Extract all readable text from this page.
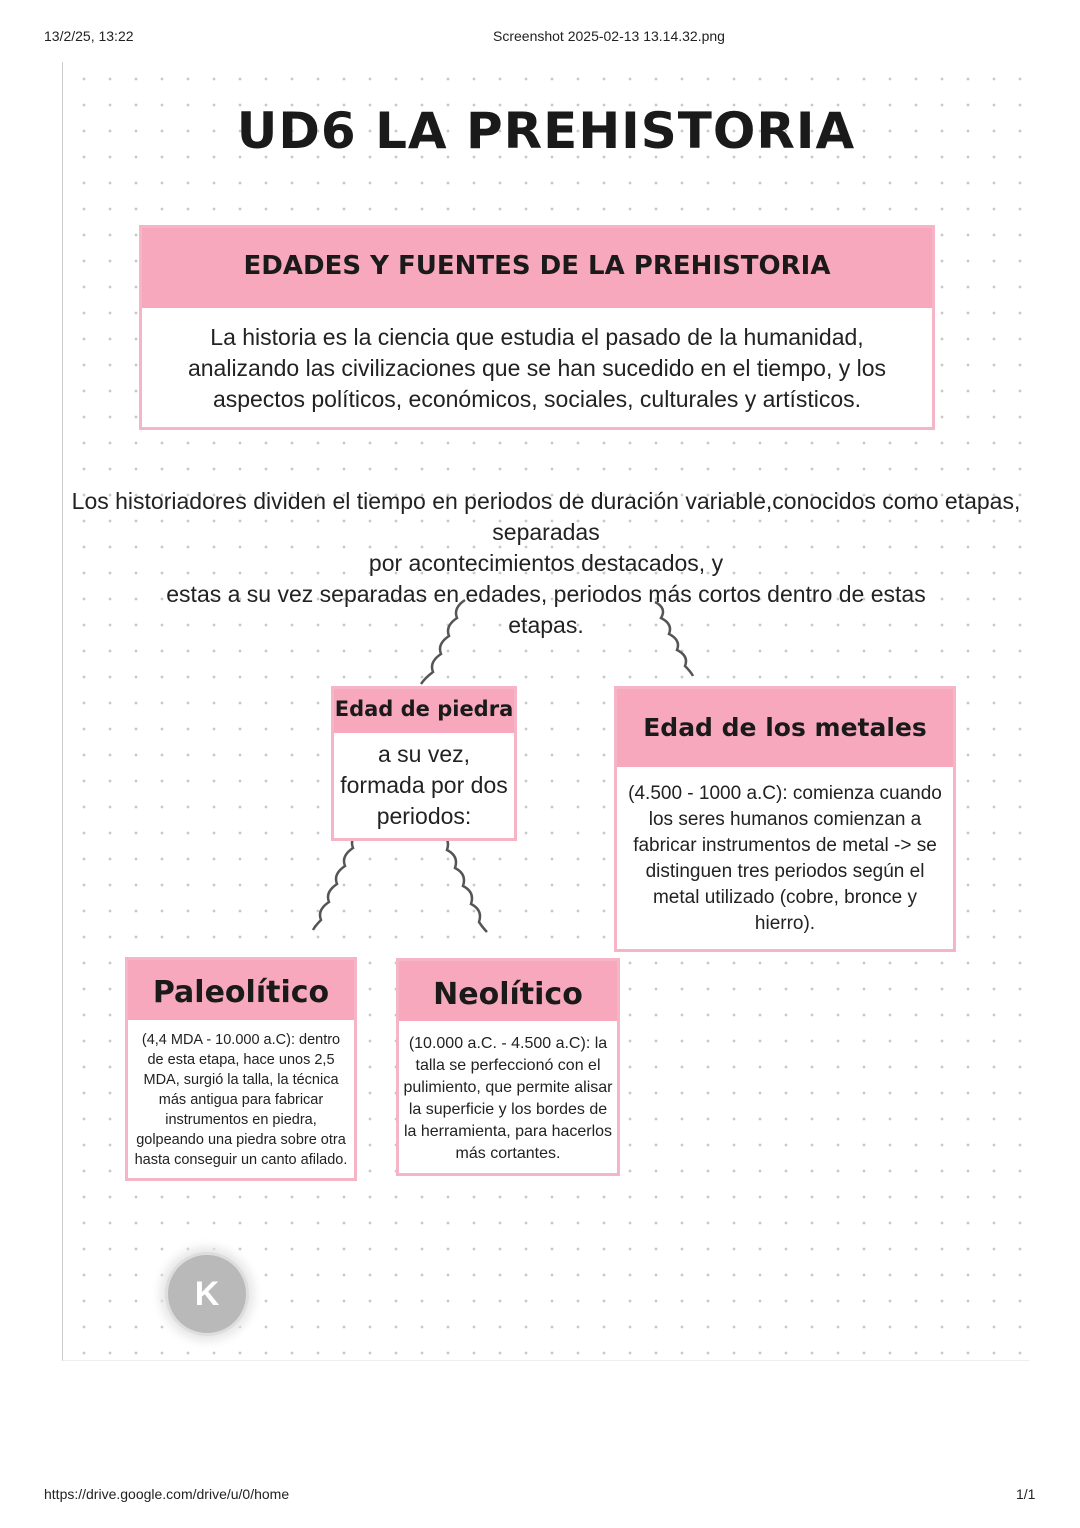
13/2/25, 13:22	Screenshot 2025-02-13 13.14.32.png
UD6 LA PREHISTORIA
EDADES Y FUENTES DE LA PREHISTORIA
La historia es la ciencia que estudia el pasado de la humanidad, analizando las civilizaciones que se han sucedido en el tiempo, y los aspectos políticos, económicos, sociales, culturales y artísticos.
Los historiadores dividen el tiempo en periodos de duración variable,conocidos como etapas, separadas
por acontecimientos destacados, y
estas a su vez separadas en edades, periodos más cortos dentro de estas
etapas.
Edad de piedra
a su vez, formada por dos periodos:
Edad de los metales
(4.500 - 1000 a.C): comienza cuando los seres humanos comienzan a fabricar instrumentos de metal -> se distinguen tres periodos según el metal utilizado (cobre, bronce y hierro).
Paleolítico
(4,4 MDA - 10.000 a.C): dentro de esta etapa, hace unos 2,5 MDA, surgió la talla, la técnica más antigua para fabricar instrumentos en piedra, golpeando una piedra sobre otra hasta conseguir un canto afilado.
Neolítico
(10.000 a.C. - 4.500 a.C): la talla se perfeccionó con el pulimiento, que permite alisar la superficie y los bordes de la herramienta, para hacerlos más cortantes.
K
https://drive.google.com/drive/u/0/home	1/1
